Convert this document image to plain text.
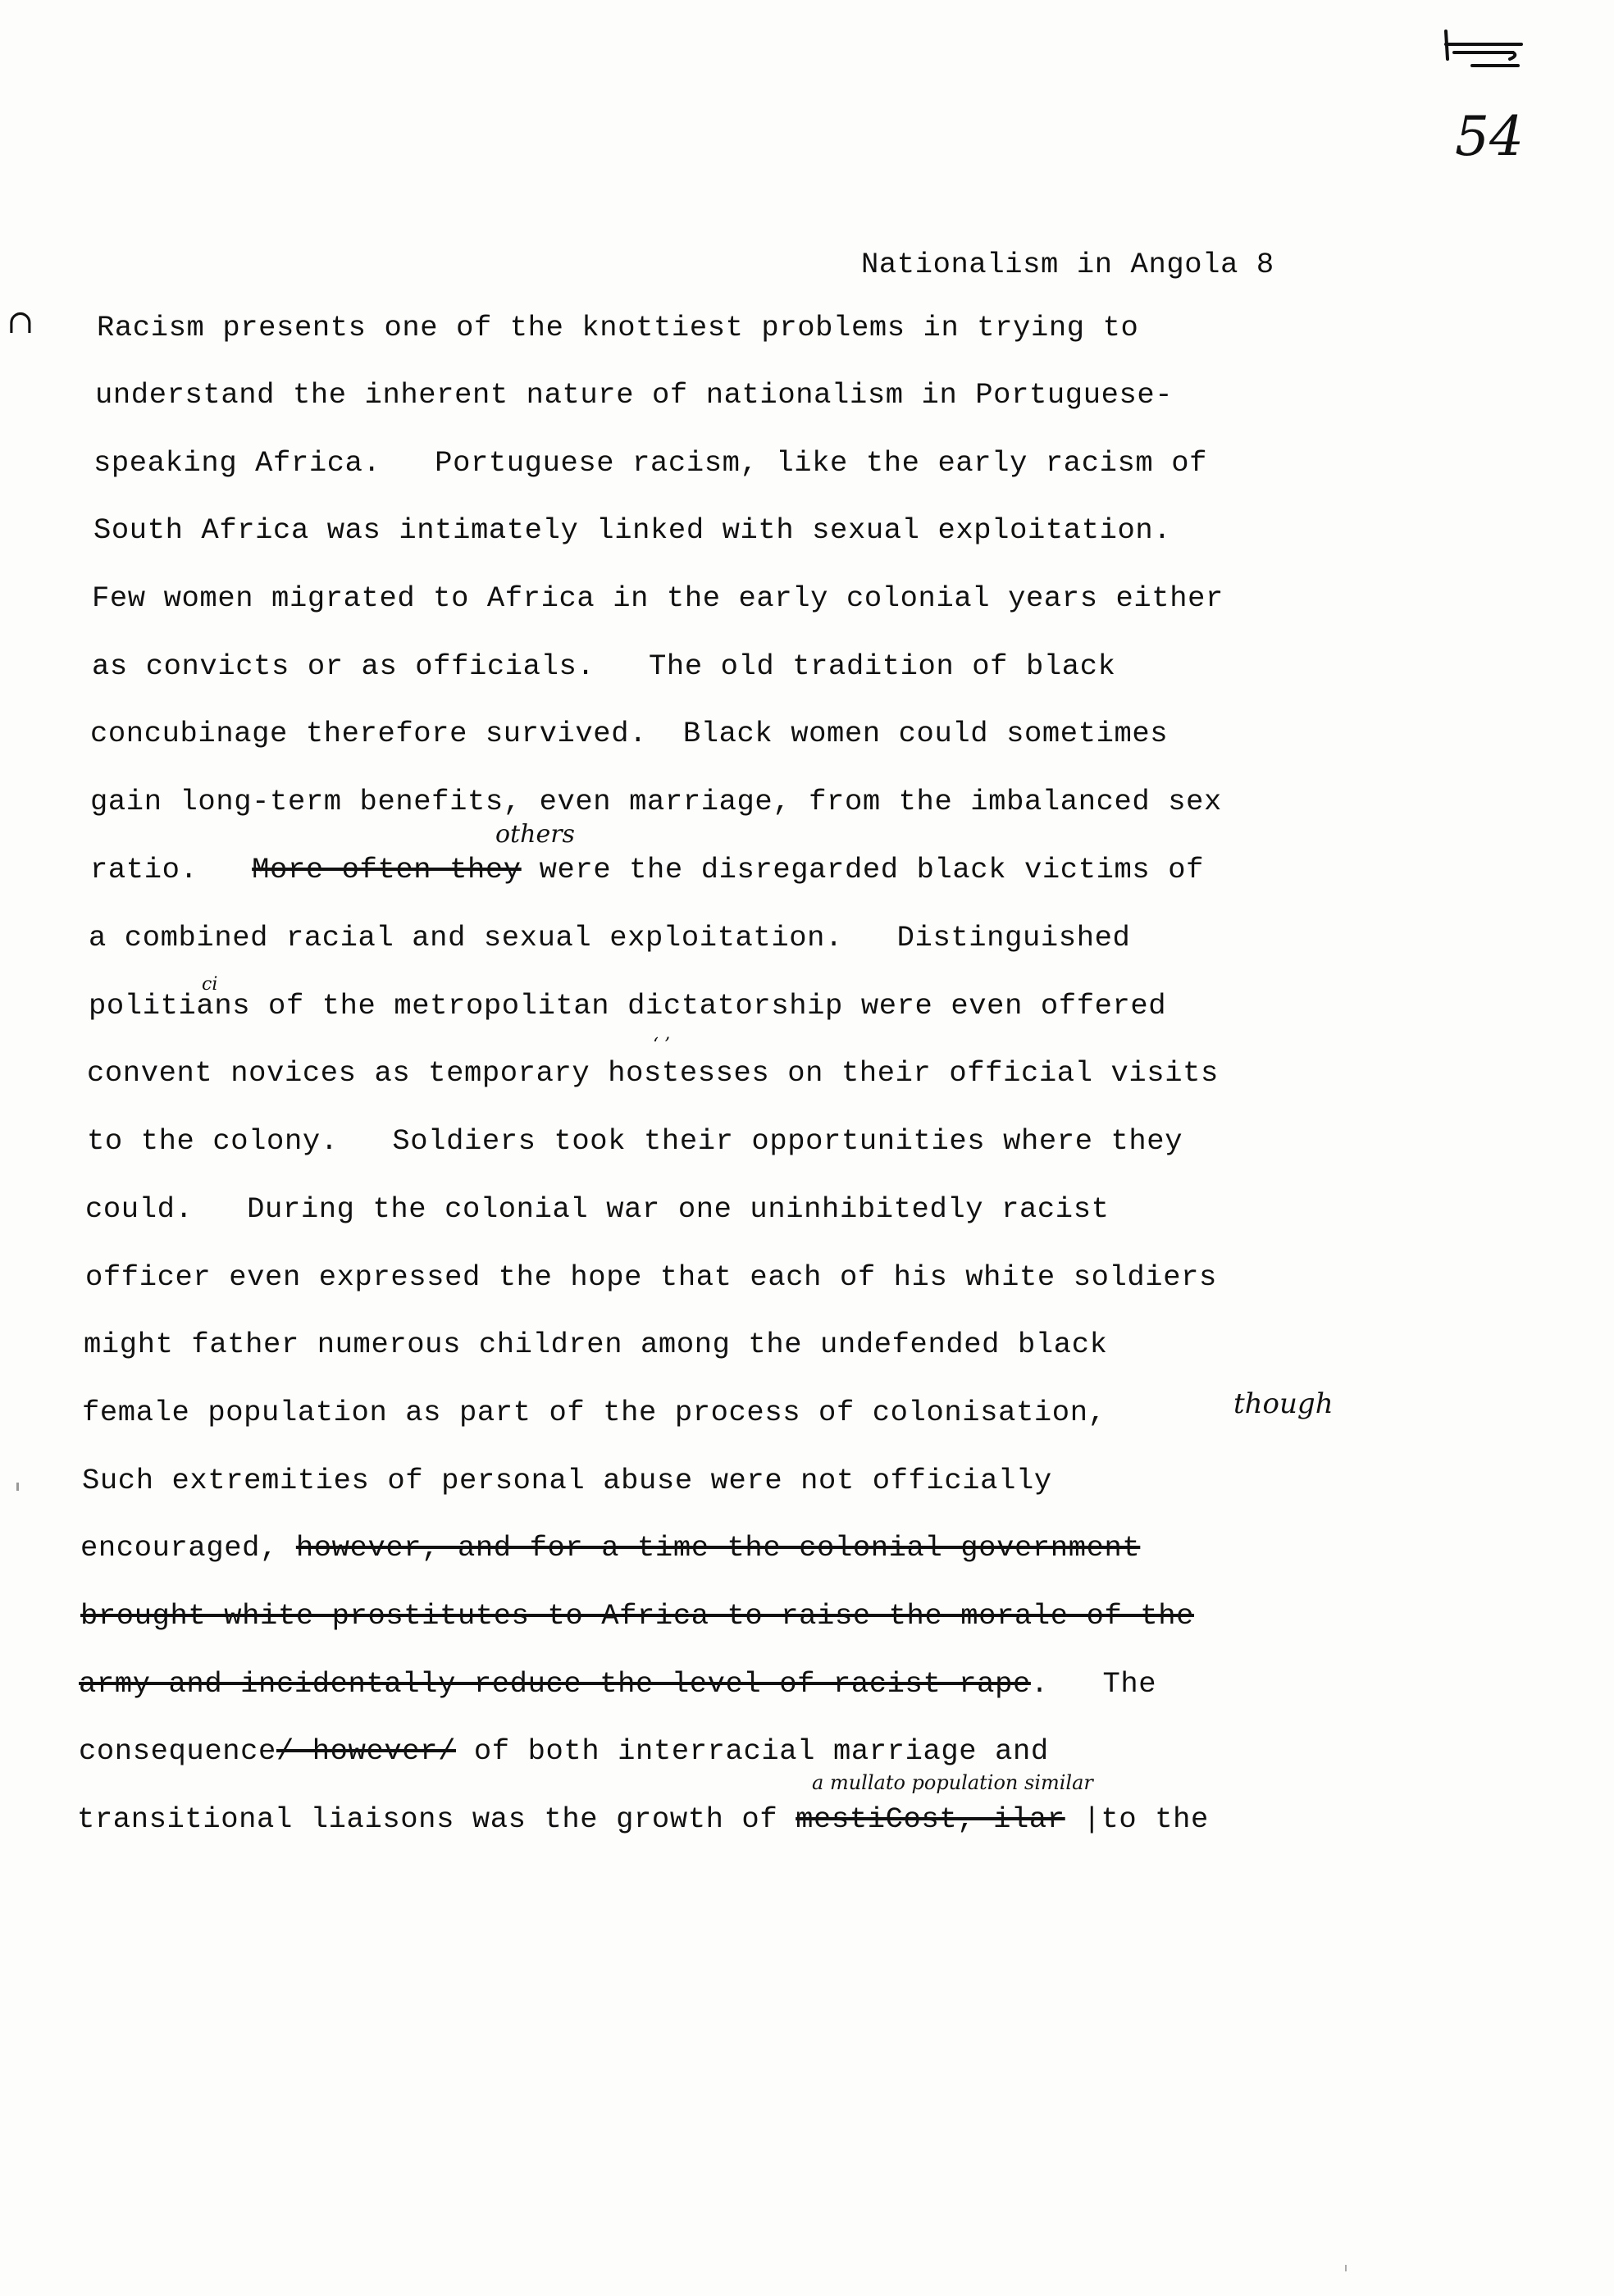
54
Nationalism in Angola 8
∩ Racism presents one of the knottiest problems in trying to
understand the inherent nature of nationalism in Portuguese-
speaking Africa.   Portuguese racism, like the early racism of
South Africa was intimately linked with sexual exploitation.
Few women migrated to Africa in the early colonial years either
as convicts or as officials.   The old tradition of black
concubinage therefore survived.  Black women could sometimes
gain long-term benefits, even marriage, from the imbalanced sex
others
ratio.   More often they were the disregarded black victims of
a combined racial and sexual exploitation.   Distinguished
ci
politians of the metropolitan dictatorship were even offered
‘ ’
convent novices as temporary hostesses on their official visits
to the colony.   Soldiers took their opportunities where they
could.   During the colonial war one uninhibitedly racist
officer even expressed the hope that each of his white soldiers
might father numerous children among the undefended black
though
female population as part of the process of colonisation,
Such extremities of personal abuse were not officially
encouraged, however, and for a time the colonial government
brought white prostitutes to Africa to raise the morale of the
army and incidentally reduce the level of racist rape.   The
consequence/ however/ of both interracial marriage and
a mullato population similar
transitional liaisons was the growth of mestiCost, ilar |to the
